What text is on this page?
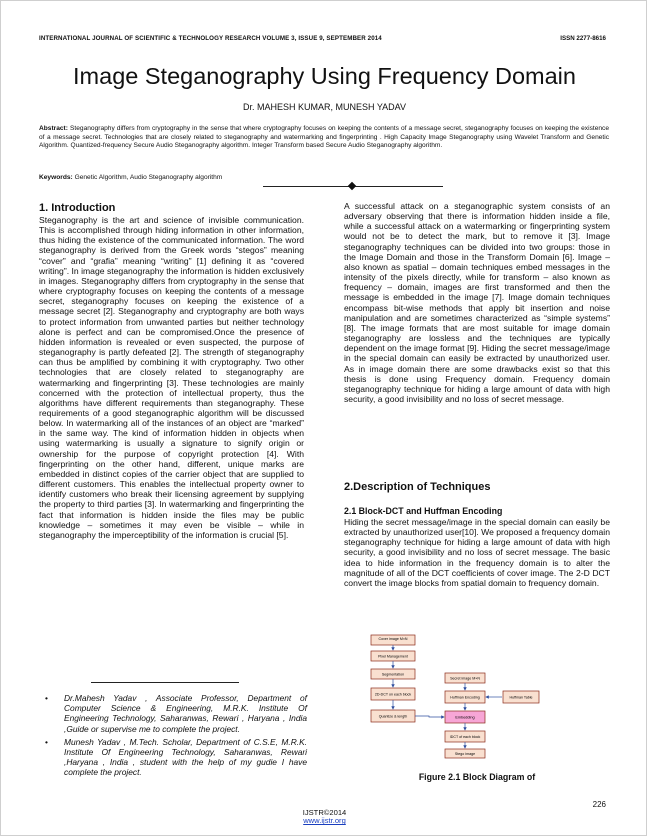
INTERNATIONAL JOURNAL OF SCIENTIFIC & TECHNOLOGY RESEARCH VOLUME 3, ISSUE 9, SEPTEMBER 2014	ISSN 2277-8616
Image Steganography Using Frequency Domain
Dr. MAHESH KUMAR, MUNESH YADAV
Abstract: Steganography differs from cryptography in the sense that where cryptography focuses on keeping the contents of a message secret, steganography focuses on keeping the existence of a message secret. Technologies that are closely related to steganography and watermarking and fingerprinting . High Capacity Image Steganography using Wavelet Transform and Genetic Algorithm. Quantized-frequency Secure Audio Steganography algorithm. Integer Transform based Secure Audio Steganography algorithm.
Keywords: Genetic Algorithm, Audio Steganography algorithm
1. Introduction
Steganography is the art and science of invisible communication. This is accomplished through hiding information in other information, thus hiding the existence of the communicated information. The word steganography is derived from the Greek words “stegos” meaning “cover” and “grafia” meaning “writing” [1] defining it as “covered writing”. In image steganography the information is hidden exclusively in images. Steganography differs from cryptography in the sense that where cryptography focuses on keeping the contents of a message secret, steganography focuses on keeping the existence of a message secret [2]. Steganography and cryptography are both ways to protect information from unwanted parties but neither technology alone is perfect and can be compromised.Once the presence of hidden information is revealed or even suspected, the purpose of steganography is partly defeated [2]. The strength of steganography can thus be amplified by combining it with cryptography. Two other technologies that are closely related to steganography are watermarking and fingerprinting [3]. These technologies are mainly concerned with the protection of intellectual property, thus the algorithms have different requirements than steganography. These requirements of a good steganographic algorithm will be discussed below. In watermarking all of the instances of an object are “marked” in the same way. The kind of information hidden in objects when using watermarking is usually a signature to signify origin or ownership for the purpose of copyright protection [4]. With fingerprinting on the other hand, different, unique marks are embedded in distinct copies of the carrier object that are supplied to different customers. This enables the intellectual property owner to identify customers who break their licensing agreement by supplying the property to third parties [3]. In watermarking and fingerprinting the fact that information is hidden inside the files may be public knowledge – sometimes it may even be visible – while in steganography the imperceptibility of the information is crucial [5].
• Dr.Mahesh Yadav , Associate Professor, Department of Computer Science & Engineering, M.R.K. Institute Of Engineering Technology, Saharanwas, Rewari , Haryana , India ,Guide or supervise me to complete the project.
• Munesh Yadav , M.Tech. Scholar, Department of C.S.E, M.R.K. Institute Of Engineering Technology, Saharanwas, Rewari ,Haryana , India , student with the help of my gudie I have complete the project.
A successful attack on a steganographic system consists of an adversary observing that there is information hidden inside a file, while a successful attack on a watermarking or fingerprinting system would not be to detect the mark, but to remove it [3]. Image steganography techniques can be divided into two groups: those in the Image Domain and those in the Transform Domain [6]. Image – also known as spatial – domain techniques embed messages in the intensity of the pixels directly, while for transform – also known as frequency – domain, images are first transformed and then the message is embedded in the image [7]. Image domain techniques encompass bit-wise methods that apply bit insertion and noise manipulation and are sometimes characterized as “simple systems” [8]. The image formats that are most suitable for image domain steganography are lossless and the techniques are typically dependent on the image format [9]. Hiding the secret message/image in the special domain can easily be extracted by unauthorized user. As in image domain there are some drawbacks exist so that this thesis is done using Frequency domain. Frequency domain steganography technique for hiding a large amount of data with high security, a good invisibility and no loss of secret message.
2.Description of Techniques
2.1 Block-DCT and Huffman Encoding
Hiding the secret message/image in the special domain can easily be extracted by unauthorized user[10]. We proposed a frequency domain steganography technique for hiding a large amount of data with high security, a good invisibility and no loss of secret message. The basic idea to hide information in the frequency domain is to alter the magnitude of all of the DCT coefficients of cover image. The 2-D DCT convert the image blocks from spatial domain to frequency domain.
Cover image M×N
Pixel Management
Segmentation
2D-DCT on each block
Quantize & length
Secret image M×N
Huffman Encoding	Huffman Table
Embedding
IDCT of each block
Stego image
Figure 2.1 Block Diagram of
226
IJSTR©2014
www.ijstr.org
